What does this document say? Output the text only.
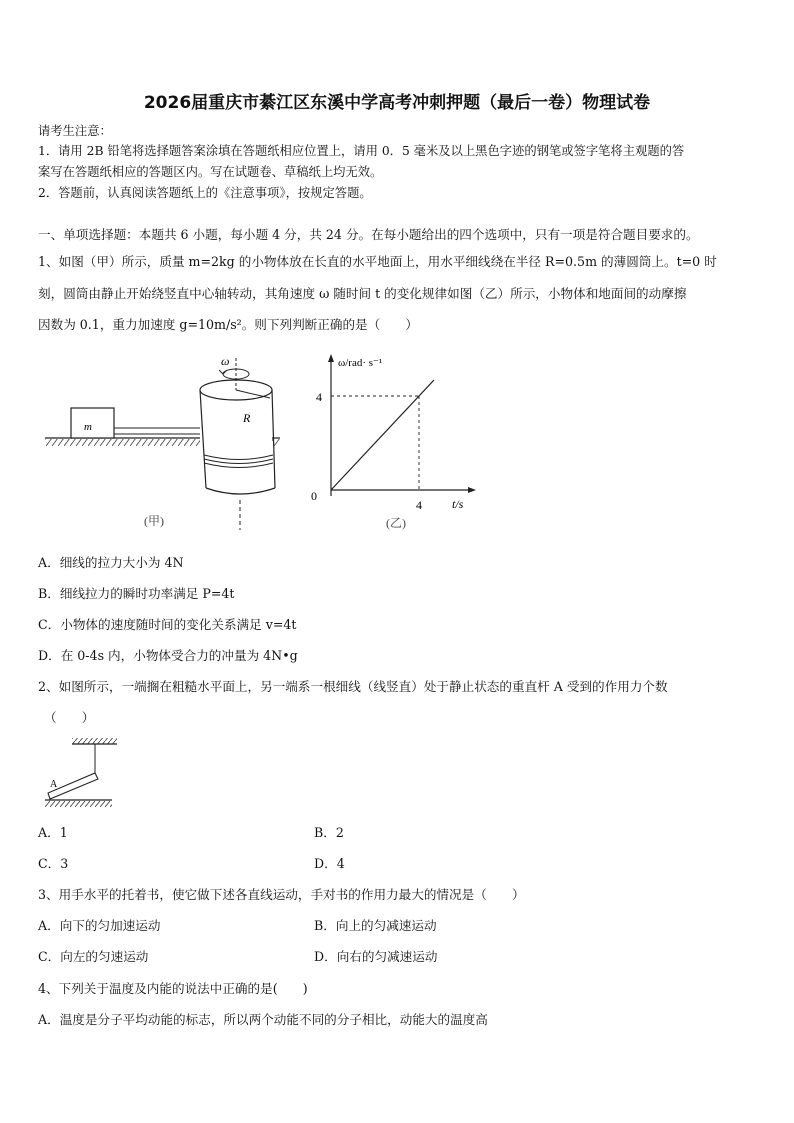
2026届重庆市綦江区东溪中学高考冲刺押题（最后一卷）物理试卷
请考生注意：
1．请用 2B 铅笔将选择题答案涂填在答题纸相应位置上，请用 0．5 毫米及以上黑色字迹的钢笔或签字笔将主观题的答
案写在答题纸相应的答题区内。写在试题卷、草稿纸上均无效。
2．答题前，认真阅读答题纸上的《注意事项》，按规定答题。
一、单项选择题：本题共 6 小题，每小题 4 分，共 24 分。在每小题给出的四个选项中，只有一项是符合题目要求的。
1、如图（甲）所示，质量 m=2kg 的小物体放在长直的水平地面上，用水平细线绕在半径 R=0.5m 的薄圆筒上。t=0 时
刻，圆筒由静止开始绕竖直中心轴转动，其角速度 ω 随时间 t 的变化规律如图（乙）所示，小物体和地面间的动摩擦
因数为 0.1，重力加速度 g=10m/s²。则下列判断正确的是（　　）
m
R
ω
(甲)
ω/rad· s⁻¹
t/s
0
4
4
(乙)
A．细线的拉力大小为 4N
B．细线拉力的瞬时功率满足 P=4t
C．小物体的速度随时间的变化关系满足 v=4t
D．在 0-4s 内，小物体受合力的冲量为 4N•g
2、如图所示，一端搁在粗糙水平面上，另一端系一根细线（线竖直）处于静止状态的重直杆 A 受到的作用力个数
（　　）
A
A．1	B．2
C．3	D．4
3、用手水平的托着书，使它做下述各直线运动，手对书的作用力最大的情况是（　　）
A．向下的匀加速运动	B．向上的匀减速运动
C．向左的匀速运动	D．向右的匀减速运动
4、下列关于温度及内能的说法中正确的是(　　)
A．温度是分子平均动能的标志，所以两个动能不同的分子相比，动能大的温度高
